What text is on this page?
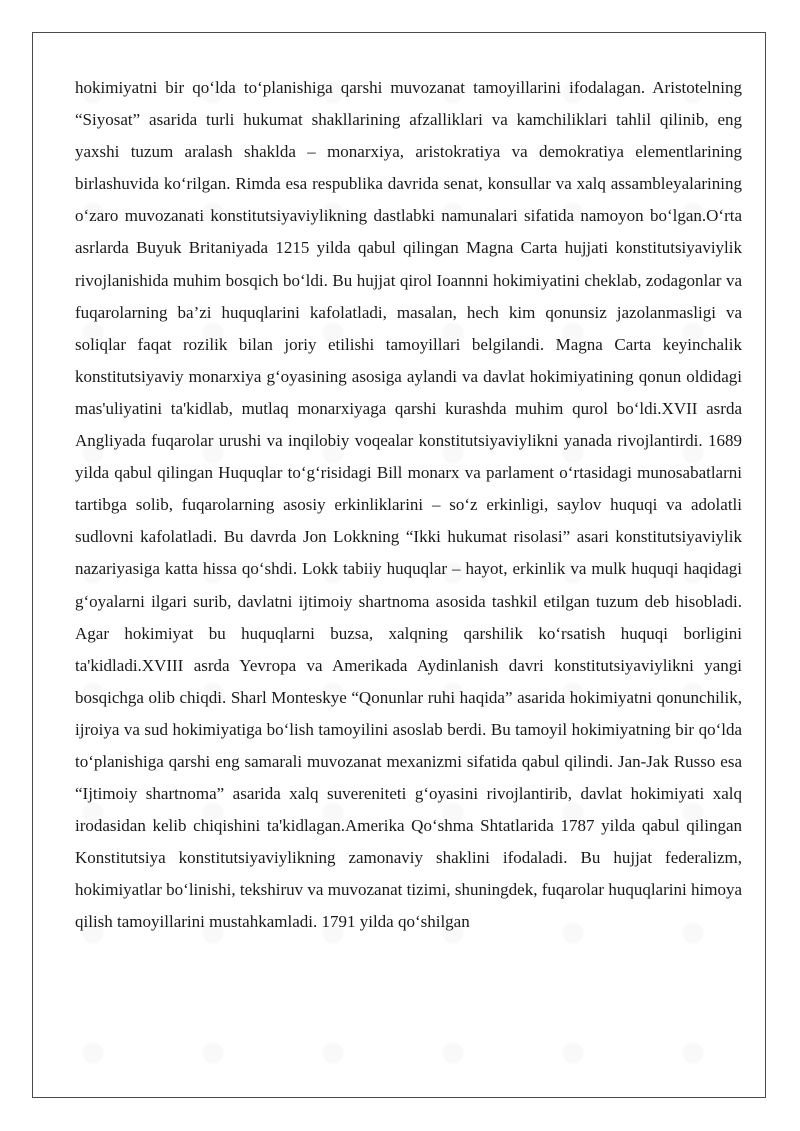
hokimiyatni bir qo‘lda to‘planishiga qarshi muvozanat tamoyillarini ifodalagan. Aristotelning “Siyosat” asarida turli hukumat shakllarining afzalliklari va kamchiliklari tahlil qilinib, eng yaxshi tuzum aralash shaklda – monarxiya, aristokratiya va demokratiya elementlarining birlashuvida ko‘rilgan. Rimda esa respublika davrida senat, konsullar va xalq assambleyalarining o‘zaro muvozanati konstitutsiyaviylikning dastlabki namunalari sifatida namoyon bo‘lgan.O‘rta asrlarda Buyuk Britaniyada 1215 yilda qabul qilingan Magna Carta hujjati konstitutsiyaviylik rivojlanishida muhim bosqich bo‘ldi. Bu hujjat qirol Ioannni hokimiyatini cheklab, zodagonlar va fuqarolarning ba’zi huquqlarini kafolatladi, masalan, hech kim qonunsiz jazolanmasligi va soliqlar faqat rozilik bilan joriy etilishi tamoyillari belgilandi. Magna Carta keyinchalik konstitutsiyaviy monarxiya g‘oyasining asosiga aylandi va davlat hokimiyatining qonun oldidagi mas'uliyatini ta'kidlab, mutlaq monarxiyaga qarshi kurashda muhim qurol bo‘ldi.XVII asrda Angliyada fuqarolar urushi va inqilobiy voqealar konstitutsiyaviylikni yanada rivojlantirdi. 1689 yilda qabul qilingan Huquqlar to‘g‘risidagi Bill monarx va parlament o‘rtasidagi munosabatlarni tartibga solib, fuqarolarning asosiy erkinliklarini – so‘z erkinligi, saylov huquqi va adolatli sudlovni kafolatladi. Bu davrda Jon Lokkning “Ikki hukumat risolasi” asari konstitutsiyaviylik nazariyasiga katta hissa qo‘shdi. Lokk tabiiy huquqlar – hayot, erkinlik va mulk huquqi haqidagi g‘oyalarni ilgari surib, davlatni ijtimoiy shartnoma asosida tashkil etilgan tuzum deb hisobladi. Agar hokimiyat bu huquqlarni buzsa, xalqning qarshilik ko‘rsatish huquqi borligini ta'kidladi.XVIII asrda Yevropa va Amerikada Aydinlanish davri konstitutsiyaviylikni yangi bosqichga olib chiqdi. Sharl Monteskye “Qonunlar ruhi haqida” asarida hokimiyatni qonunchilik, ijroiya va sud hokimiyatiga bo‘lish tamoyilini asoslab berdi. Bu tamoyil hokimiyatning bir qo‘lda to‘planishiga qarshi eng samarali muvozanat mexanizmi sifatida qabul qilindi. Jan-Jak Russo esa “Ijtimoiy shartnoma” asarida xalq suvereniteti g‘oyasini rivojlantirib, davlat hokimiyati xalq irodasidan kelib chiqishini ta'kidlagan.Amerika Qo‘shma Shtatlarida 1787 yilda qabul qilingan Konstitutsiya konstitutsiyaviylikning zamonaviy shaklini ifodaladi. Bu hujjat federalizm, hokimiyatlar bo‘linishi, tekshiruv va muvozanat tizimi, shuningdek, fuqarolar huquqlarini himoya qilish tamoyillarini mustahkamladi. 1791 yilda qo‘shilgan
